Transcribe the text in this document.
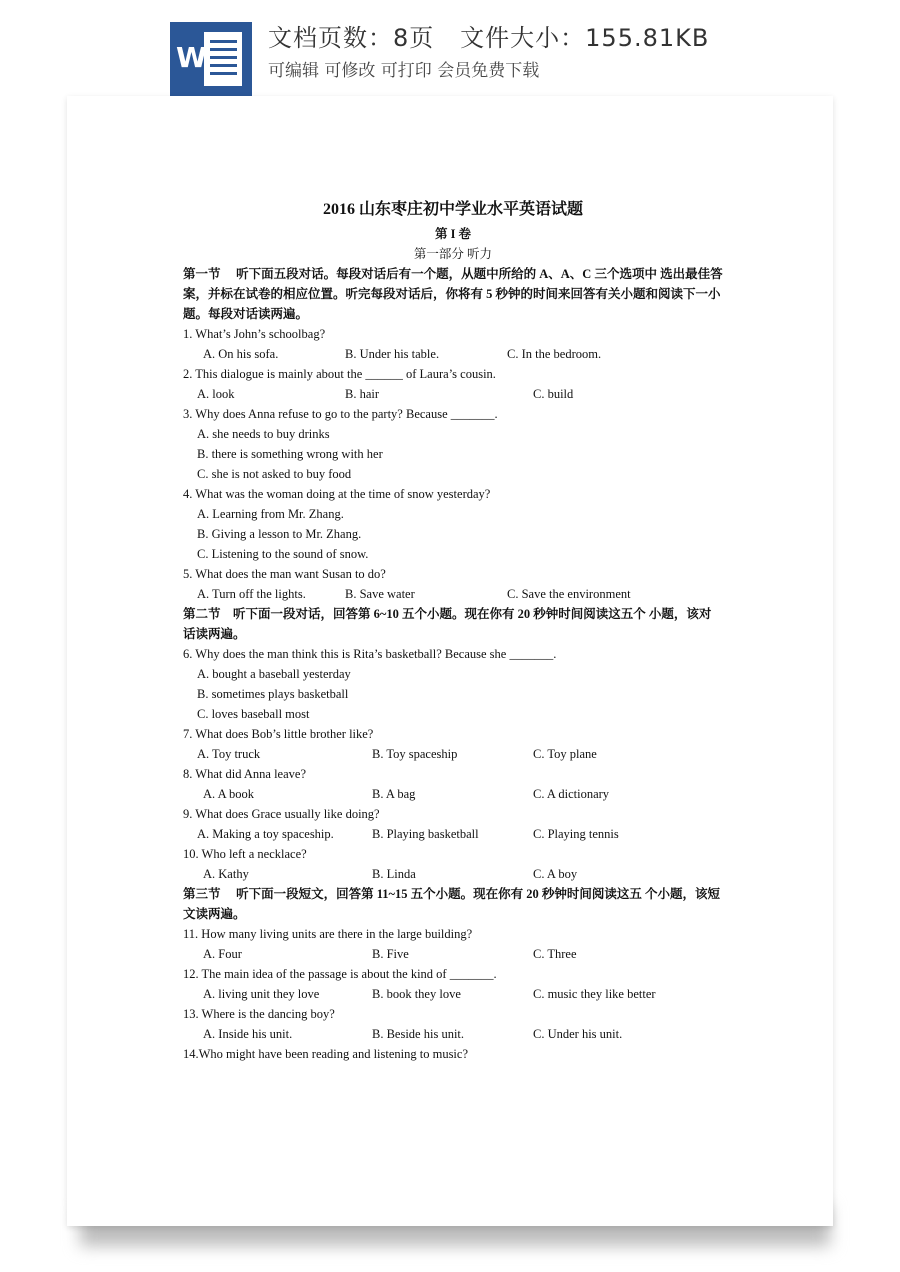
W
文档页数：8页   文件大小：155.81KB
可编辑 可修改 可打印 会员免费下载
2016 山东枣庄初中学业水平英语试题
第 I 卷
第一部分 听力
第一节　 听下面五段对话。每段对话后有一个题，从题中所给的 A、A、C 三个选项中 选出最佳答案，并标在试卷的相应位置。听完每段对话后，你将有 5 秒钟的时间来回答有关小题和阅读下一小题。每段对话读两遍。
1. What’s John’s schoolbag?
A. On his sofa.	B. Under his table.	C. In the bedroom.
2. This dialogue is mainly about the ______ of Laura’s cousin.
A. look	B. hair	C. build
3. Why does Anna refuse to go to the party? Because _______.
A. she needs to buy drinks
B. there is something wrong with her
C. she is not asked to buy food
4. What was the woman doing at the time of snow yesterday?
A. Learning from Mr. Zhang.
B. Giving a lesson to Mr. Zhang.
C. Listening to the sound of snow.
5. What does the man want Susan to do?
A. Turn off the lights.	B. Save water	C. Save the environment
第二节　听下面一段对话，回答第 6~10 五个小题。现在你有 20 秒钟时间阅读这五个 小题，该对话读两遍。
6. Why does the man think this is Rita’s basketball? Because she _______.
A. bought a baseball yesterday
B. sometimes plays basketball
C. loves baseball most
7. What does Bob’s little brother like?
A. Toy truck	B. Toy spaceship	C. Toy plane
8. What did Anna leave?
A. A book	B. A bag	C. A dictionary
9. What does Grace usually like doing?
A. Making a toy spaceship.	B. Playing basketball	C. Playing tennis
10. Who left a necklace?
A. Kathy	B. Linda	C. A boy
第三节　 听下面一段短文，回答第 11~15 五个小题。现在你有 20 秒钟时间阅读这五 个小题，该短文读两遍。
11. How many living units are there in the large building?
A. Four	B. Five	C. Three
12. The main idea of the passage is about the kind of _______.
A. living unit they love	B. book they love	C. music they like better
13. Where is the dancing boy?
A. Inside his unit.	B. Beside his unit.	C. Under his unit.
14.Who might have been reading and listening to music?
